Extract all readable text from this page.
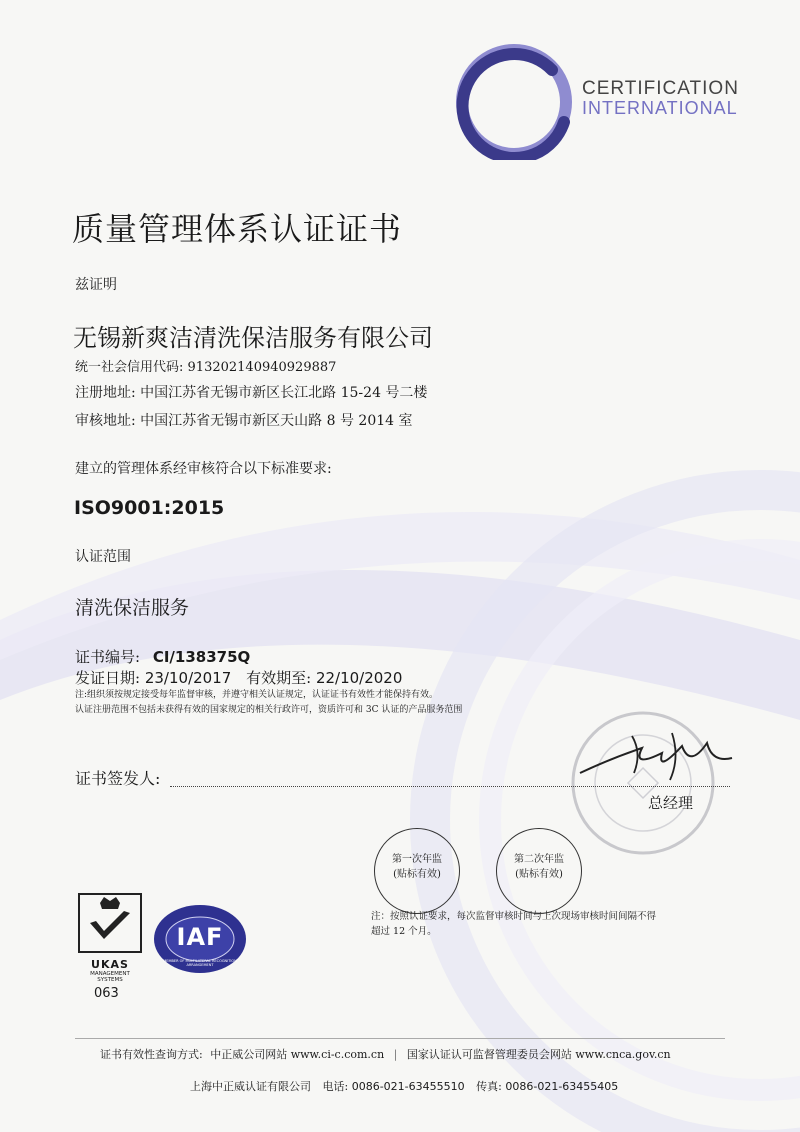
CERTIFICATION
INTERNATIONAL
质量管理体系认证证书
兹证明
无锡新爽洁清洗保洁服务有限公司
统一社会信用代码: 913202140940929887
注册地址: 中国江苏省无锡市新区长江北路 15-24 号二楼
审核地址: 中国江苏省无锡市新区天山路 8 号 2014 室
建立的管理体系经审核符合以下标准要求:
ISO9001:2015
认证范围
清洗保洁服务
证书编号: CI/138375Q
发证日期: 23/10/2017 有效期至: 22/10/2020
注:组织须按规定接受每年监督审核，并遵守相关认证规定，认证证书有效性才能保持有效。
认证注册范围不包括未获得有效的国家规定的相关行政许可，资质许可和 3C 认证的产品服务范围
证书签发人:
总经理
第一次年监
(贴标有效)
第二次年监
(贴标有效)
注：按照认证要求，每次监督审核时间与上次现场审核时间间隔不得
超过 12 个月。
UKAS
MANAGEMENT
SYSTEMS
063
IAF
MEMBER OF MULTILATERAL RECOGNITION ARRANGEMENT
证书有效性查询方式: 中正威公司网站 www.ci-c.com.cn | 国家认证认可监督管理委员会网站 www.cnca.gov.cn
上海中正威认证有限公司 电话: 0086-021-63455510 传真: 0086-021-63455405
